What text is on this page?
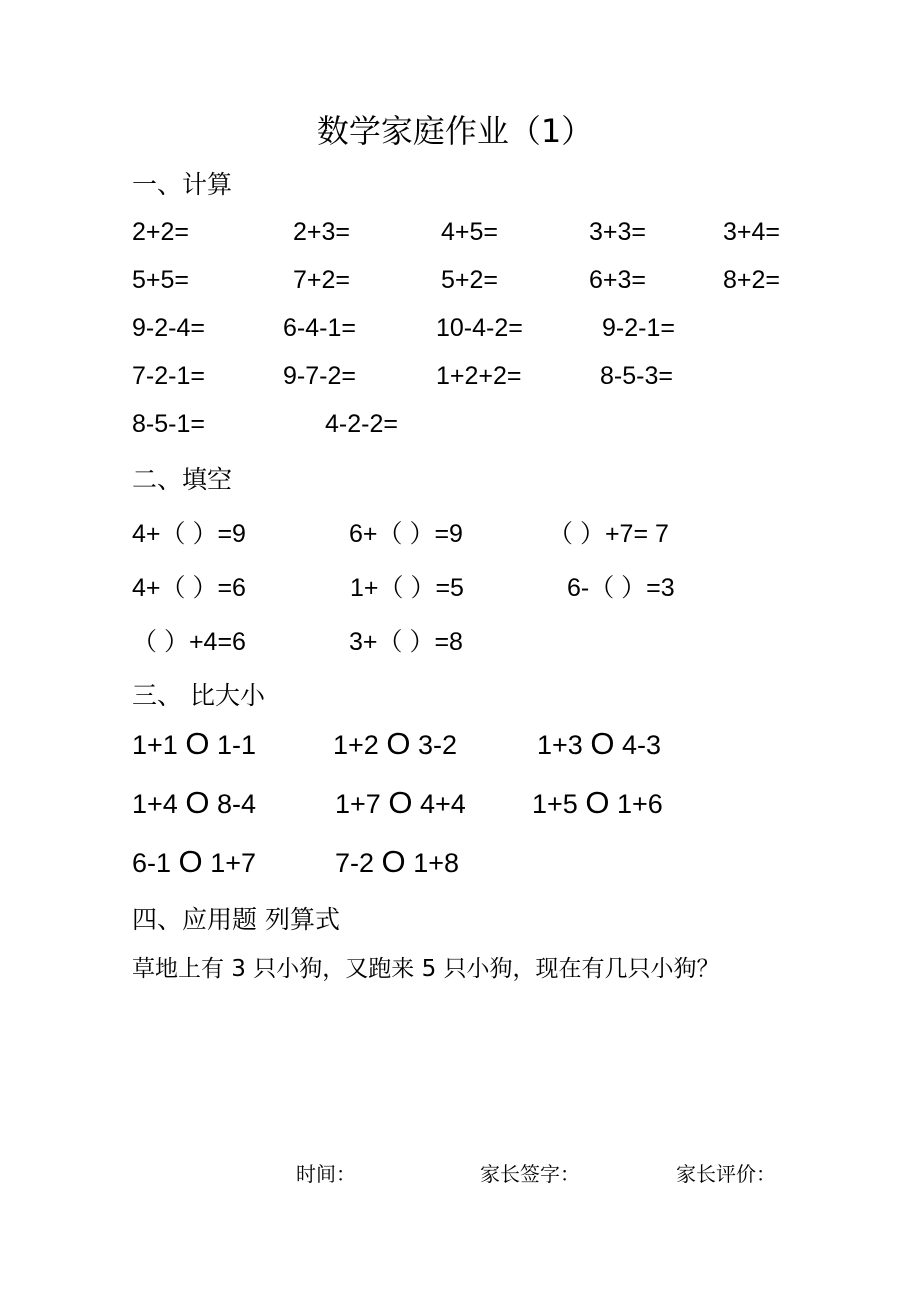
数学家庭作业（1）
一、计算
2+2=	2+3=	4+5=	3+3=	3+4=
5+5=	7+2=	5+2=	6+3=	8+2=
9-2-4=	6-4-1=	10-4-2=	9-2-1=
7-2-1=	9-7-2=	1+2+2=	8-5-3=
8-5-1=	4-2-2=
二、填空
4+（ ）=9	6+（ ）=9	（ ）+7= 7
4+（ ）=6	1+（ ）=5	6-（ ）=3
（ ）+4=6	3+（ ）=8
三、 比大小
1+1 O 1-1	1+2 O 3-2	1+3 O 4-3
1+4 O 8-4	1+7 O 4+4 1+5 O 1+6
6-1 O 1+7	7-2 O 1+8
四、应用题 列算式
草地上有 3 只小狗，又跑来 5 只小狗，现在有几只小狗？
时间：	家长签字：	家长评价：
